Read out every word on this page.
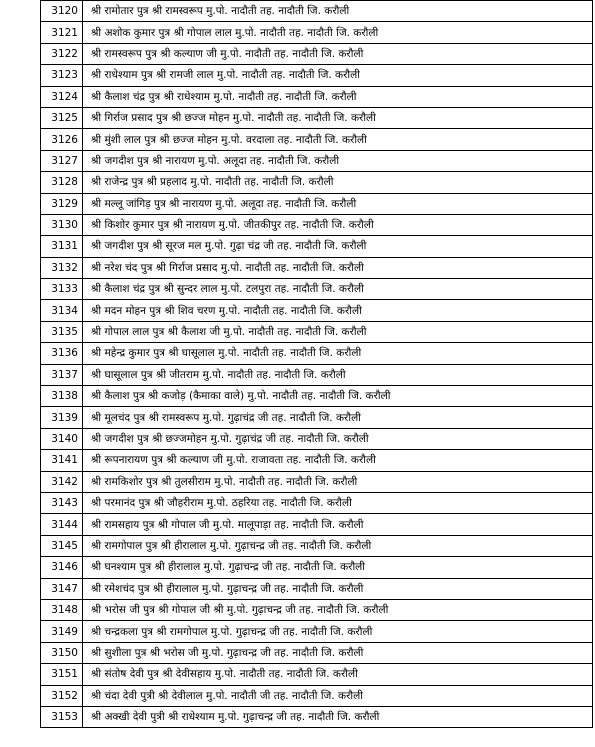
3120	श्री रामोतार पुत्र श्री रामस्वरूप मु.पो. नादौती तह. नादौती जि. करौली
3121	श्री अशोक कुमार पुत्र श्री गोपाल लाल मु.पो. नादौती तह. नादौती जि. करौली
3122	श्री रामस्वरूप पुत्र श्री कल्याण जी मु.पो. नादौती तह. नादौती जि. करौली
3123	श्री राधेश्याम पुत्र श्री रामजी लाल मु.पो. नादौती तह. नादौती जि. करौली
3124	श्री कैलाश चंद्र पुत्र श्री राधेश्याम मु.पो. नादौती तह. नादौती जि. करौली
3125	श्री गिर्राज प्रसाद पुत्र श्री छज्ज मोहन मु.पो. नादौती तह. नादौती जि. करौली
3126	श्री मुंशी लाल पुत्र श्री छज्ज मोहन मु.पो. वरदाला तह. नादौती जि. करौली
3127	श्री जगदीश पुत्र श्री नारायण मु.पो. अलूदा तह. नादौती जि. करौली
3128	श्री राजेन्द्र पुत्र श्री प्रहलाद मु.पो. नादौती तह. नादौती जि. करौली
3129	श्री मल्लू जांगिड़ पुत्र श्री नारायण मु.पो. अलूदा तह. नादौती जि. करौली
3130	श्री किशोर कुमार पुत्र श्री नारायण मु.पो. जीतकीपुर तह. नादौती जि. करौली
3131	श्री जगदीश पुत्र श्री सूरज मल मु.पो. गुढ़ा चंद्र जी तह. नादौती जि. करौली
3132	श्री नरेश चंद पुत्र श्री गिर्राज प्रसाद मु.पो. नादौती तह. नादौती जि. करौली
3133	श्री कैलाश चंद्र पुत्र श्री सुन्दर लाल मु.पो. टलपुरा तह. नादौती जि. करौली
3134	श्री मदन मोहन पुत्र श्री शिव चरण मु.पो. नादौती तह. नादौती जि. करौली
3135	श्री गोपाल लाल पुत्र श्री कैलाश जी मु.पो. नादौती तह. नादौती जि. करौली
3136	श्री महेन्द्र कुमार पुत्र श्री घासूलाल मु.पो. नादौती तह. नादौती जि. करौली
3137	श्री घासूलाल पुत्र श्री जीतराम मु.पो. नादौती तह. नादौती जि. करौली
3138	श्री कैलाश पुत्र श्री कजोड़ (कैमाका वाले) मु.पो. नादौती तह. नादौती जि. करौली
3139	श्री मूलचंद पुत्र श्री रामस्वरूप मु.पो. गुढ़ाचंद्र जी तह. नादौती जि. करौली
3140	श्री जगदीश पुत्र श्री छज्जमोहन मु.पो. गुढ़ाचंद्र जी तह. नादौती जि. करौली
3141	श्री रूपनारायण पुत्र श्री कल्याण जी मु.पो. राजावता तह. नादौती जि. करौली
3142	श्री रामकिशोर पुत्र श्री तुलसीराम मु.पो. नादौती तह. नादौती जि. करौली
3143	श्री परमानंद पुत्र श्री जौहरीराम मु.पो. ठहरिया तह. नादौती जि. करौली
3144	श्री रामसहाय पुत्र श्री गोपाल जी मु.पो. मालूपाड़ा तह. नादौती जि. करौली
3145	श्री रामगोपाल पुत्र श्री हीरालाल मु.पो. गुढ़ाचन्द्र जी तह. नादौती जि. करौली
3146	श्री घनश्याम पुत्र श्री हीरालाल मु.पो. गुढ़ाचन्द्र जी तह. नादौती जि. करौली
3147	श्री रमेशचंद पुत्र श्री हीरालाल मु.पो. गुढ़ाचन्द्र जी तह. नादौती जि. करौली
3148	श्री भरोस जी पुत्र श्री गोपाल जी श्री मु.पो. गुढ़ाचन्द्र जी तह. नादौती जि. करौली
3149	श्री चन्द्रकला पुत्र श्री रामगोपाल मु.पो. गुढ़ाचन्द्र जी तह. नादौती जि. करौली
3150	श्री सुशीला पुत्र श्री भरोस जी मु.पो. गुढ़ाचन्द्र जी तह. नादौती जि. करौली
3151	श्री संतोष देवी पुत्र श्री देवीसहाय मु.पो. नादौती तह. नादौती जि. करौली
3152	श्री चंदा देवी पुत्री श्री देवीलाल मु.पो. नादौती जी तह. नादौती जि. करौली
3153	श्री अक्खी देवी पुत्री श्री राधेश्याम मु.पो. गुढ़ाचन्द्र जी तह. नादौती जि. करौली
